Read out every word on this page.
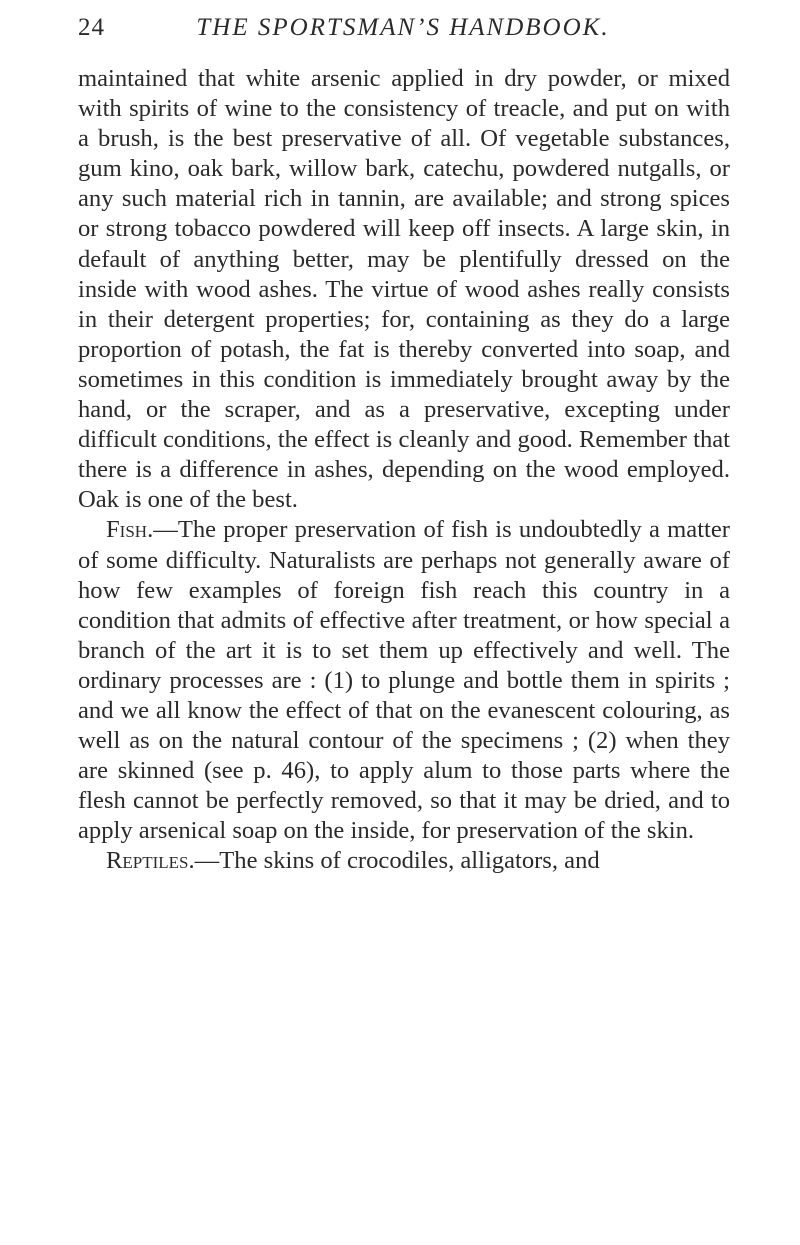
24	THE SPORTSMAN’S HANDBOOK.

maintained that white arsenic applied in dry powder, or mixed with spirits of wine to the consistency of treacle, and put on with a brush, is the best preservative of all. Of vegetable substances, gum kino, oak bark, willow bark, catechu, powdered nutgalls, or any such material rich in tannin, are available; and strong spices or strong tobacco powdered will keep off insects. A large skin, in default of anything better, may be plentifully dressed on the inside with wood ashes. The virtue of wood ashes really consists in their detergent properties; for, containing as they do a large proportion of potash, the fat is thereby converted into soap, and sometimes in this condition is immediately brought away by the hand, or the scraper, and as a preservative, excepting under difficult conditions, the effect is cleanly and good. Remember that there is a difference in ashes, depending on the wood employed. Oak is one of the best.

Fish.—The proper preservation of fish is undoubtedly a matter of some difficulty. Naturalists are perhaps not generally aware of how few examples of foreign fish reach this country in a condition that admits of effective after treatment, or how special a branch of the art it is to set them up effectively and well. The ordinary processes are : (1) to plunge and bottle them in spirits ; and we all know the effect of that on the evanescent colouring, as well as on the natural contour of the specimens ; (2) when they are skinned (see p. 46), to apply alum to those parts where the flesh cannot be perfectly removed, so that it may be dried, and to apply arsenical soap on the inside, for preservation of the skin.

Reptiles.—The skins of crocodiles, alligators, and
